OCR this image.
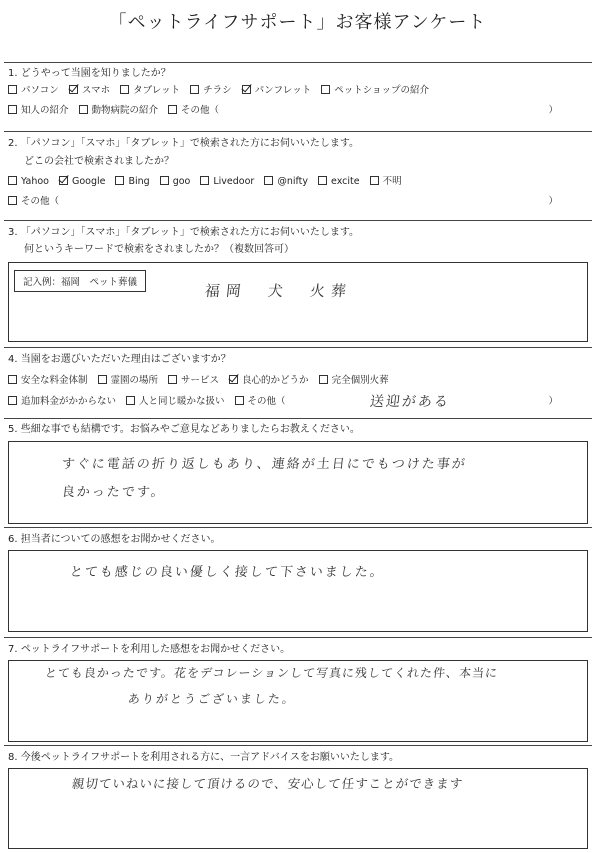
「ペットライフサポート」お客様アンケート
1. どうやって当園を知りましたか？
パソコン スマホ タブレット チラシ パンフレット ペットショップの紹介
知人の紹介 動物病院の紹介 その他（	）
2. 「パソコン」「スマホ」「タブレット」で検索された方にお伺いいたします。
どこの会社で検索されましたか？
Yahoo Google Bing goo Livedoor @nifty excite 不明
その他（	）
3. 「パソコン」「スマホ」「タブレット」で検索された方にお伺いいたします。
何というキーワードで検索をされましたか？（複数回答可）
記入例：福岡　ペット葬儀	福岡　犬　火葬
4. 当園をお選びいただいた理由はございますか？
安全な料金体制 霊園の場所 サービス 良心的かどうか 完全個別火葬
追加料金がかからない 人と同じ暖かな扱い その他（	）
送迎がある
5. 些細な事でも結構です。お悩みやご意見などありましたらお教えください。
すぐに電話の折り返しもあり、連絡が土日にでもつけた事が
良かったです。
6. 担当者についての感想をお聞かせください。
とても感じの良い優しく接して下さいました。
7. ペットライフサポートを利用した感想をお聞かせください。
とても良かったです。花をデコレーションして写真に残してくれた件、本当に
ありがとうございました。
8. 今後ペットライフサポートを利用される方に、一言アドバイスをお願いいたします。
親切ていねいに接して頂けるので、安心して任すことができます
